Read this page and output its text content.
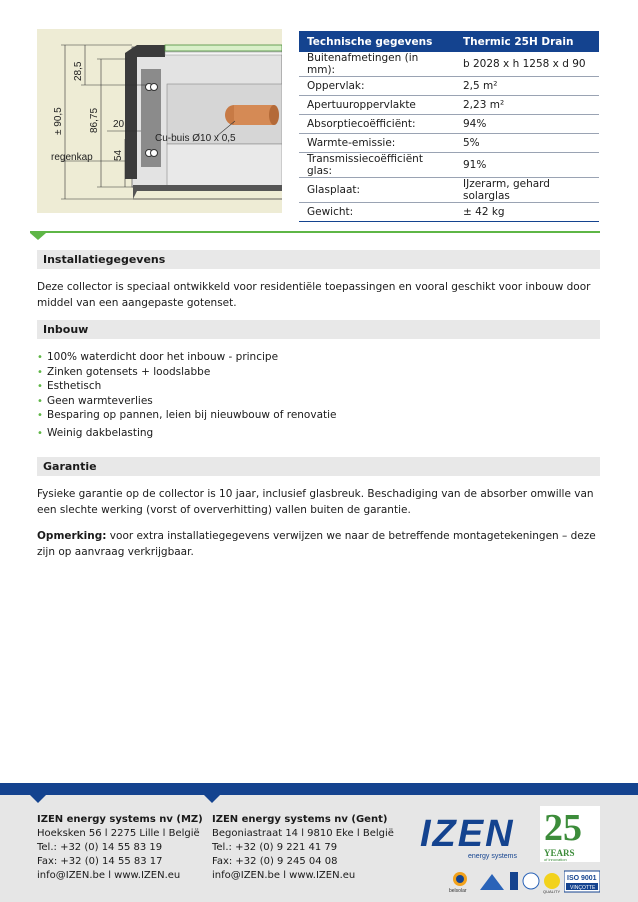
28,5
± 90,5	86,75 20
54
regenkap
Cu-buis Ø10 x 0,5
Technische gegevens	Thermic 25H Drain
Buitenafmetingen (in mm):	b 2028 x h 1258 x d 90
Oppervlak:	2,5 m²
Apertuuroppervlakte	2,23 m²
Absorptiecoëfficiënt:	94%
Warmte-emissie:	5%
Transmissiecoëfficiënt glas:	91%
Glasplaat:	IJzerarm, gehard solarglas
Gewicht:	± 42 kg
Installatiegegevens

Deze collector is speciaal ontwikkeld voor residentiële toepassingen en vooral geschikt voor inbouw door middel van een aangepaste gotenset.

Inbouw
• 100% waterdicht door het inbouw - principe
• Zinken gotensets + loodslabbe
• Esthetisch
• Geen warmteverlies
• Besparing op pannen, leien bij nieuwbouw of renovatie
• Weinig dakbelasting
Garantie

Fysieke garantie op de collector is 10 jaar, inclusief glasbreuk. Beschadiging van de absorber omwille van een slechte werking (vorst of oververhitting) vallen buiten de garantie.

Opmerking: voor extra installatiegegevens verwijzen we naar de betreffende montagetekeningen – deze zijn op aanvraag verkrijgbaar.

IZEN energy systems nv (MZ)
Hoeksken 56 l 2275 Lille l België
Tel.: +32 (0) 14 55 83 19
Fax: +32 (0) 14 55 83 17
info@IZEN.be l www.IZEN.eu
IZEN energy systems nv (Gent)
Begoniastraat 14 l 9810 Eke l België
Tel.: +32 (0) 9 221 41 79
Fax: +32 (0) 9 245 04 08
info@IZEN.be l www.IZEN.eu
IZEN
energy systems
25
YEARS
of innovation
belsolar	QUALITY
ISO 9001
VINÇOTTE
